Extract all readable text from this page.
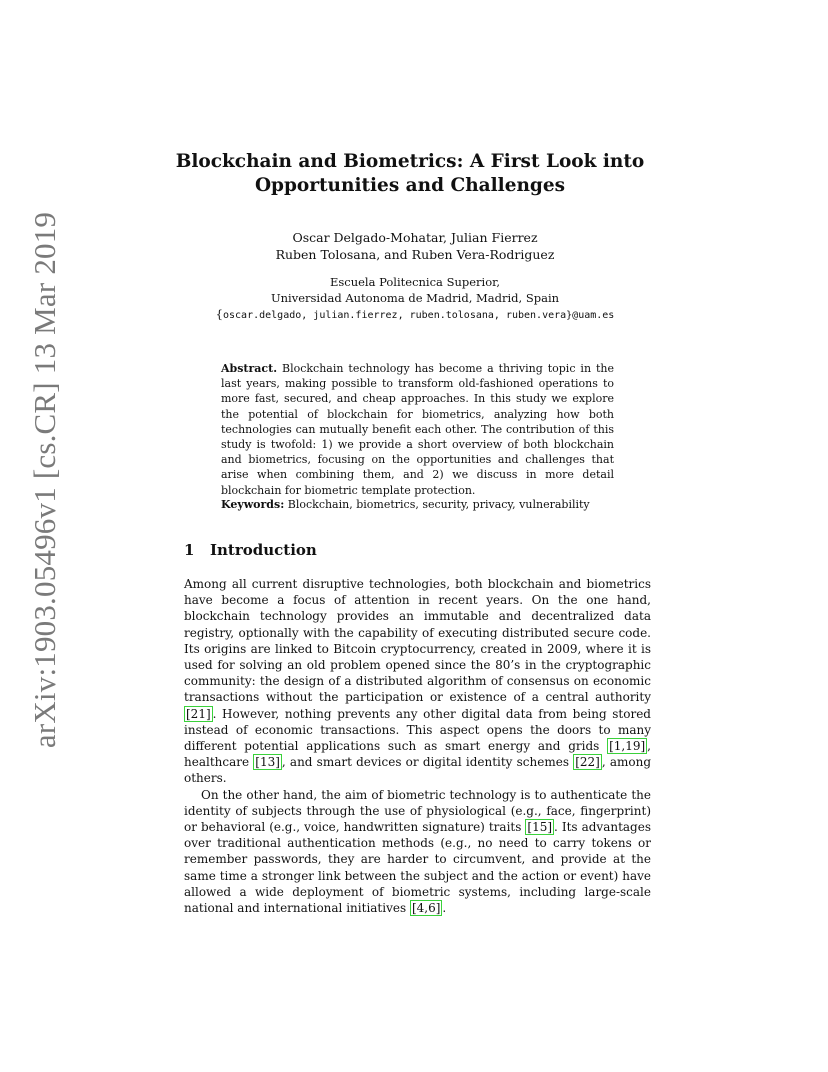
arXiv:1903.05496v1 [cs.CR] 13 Mar 2019
Blockchain and Biometrics: A First Look into
Opportunities and Challenges
Oscar Delgado-Mohatar, Julian Fierrez
Ruben Tolosana, and Ruben Vera-Rodriguez
Escuela Politecnica Superior,
Universidad Autonoma de Madrid, Madrid, Spain
{oscar.delgado, julian.fierrez, ruben.tolosana, ruben.vera}@uam.es
Abstract. Blockchain technology has become a thriving topic in the last years, making possible to transform old-fashioned operations to more fast, secured, and cheap approaches. In this study we explore the potential of blockchain for biometrics, analyzing how both technologies can mutually benefit each other. The contribution of this study is twofold: 1) we provide a short overview of both blockchain and biometrics, focusing on the opportunities and challenges that arise when combining them, and 2) we discuss in more detail blockchain for biometric template protection.
Keywords: Blockchain, biometrics, security, privacy, vulnerability
1 Introduction

Among all current disruptive technologies, both blockchain and biometrics have become a focus of attention in recent years. On the one hand, blockchain technology provides an immutable and decentralized data registry, optionally with the capability of executing distributed secure code. Its origins are linked to Bitcoin cryptocurrency, created in 2009, where it is used for solving an old problem opened since the 80’s in the cryptographic community: the design of a distributed algorithm of consensus on economic transactions without the participation or existence of a central authority [21] . However, nothing prevents any other digital data from being stored instead of economic transactions. This aspect opens the doors to many different potential applications such as smart energy and grids [1,19] , healthcare [13] , and smart devices or digital identity schemes [22] , among others.

On the other hand, the aim of biometric technology is to authenticate the identity of subjects through the use of physiological (e.g., face, fingerprint) or behavioral (e.g., voice, handwritten signature) traits [15] . Its advantages over traditional authentication methods (e.g., no need to carry tokens or remember passwords, they are harder to circumvent, and provide at the same time a stronger link between the subject and the action or event) have allowed a wide deployment of biometric systems, including large-scale national and international initiatives [4,6] .
